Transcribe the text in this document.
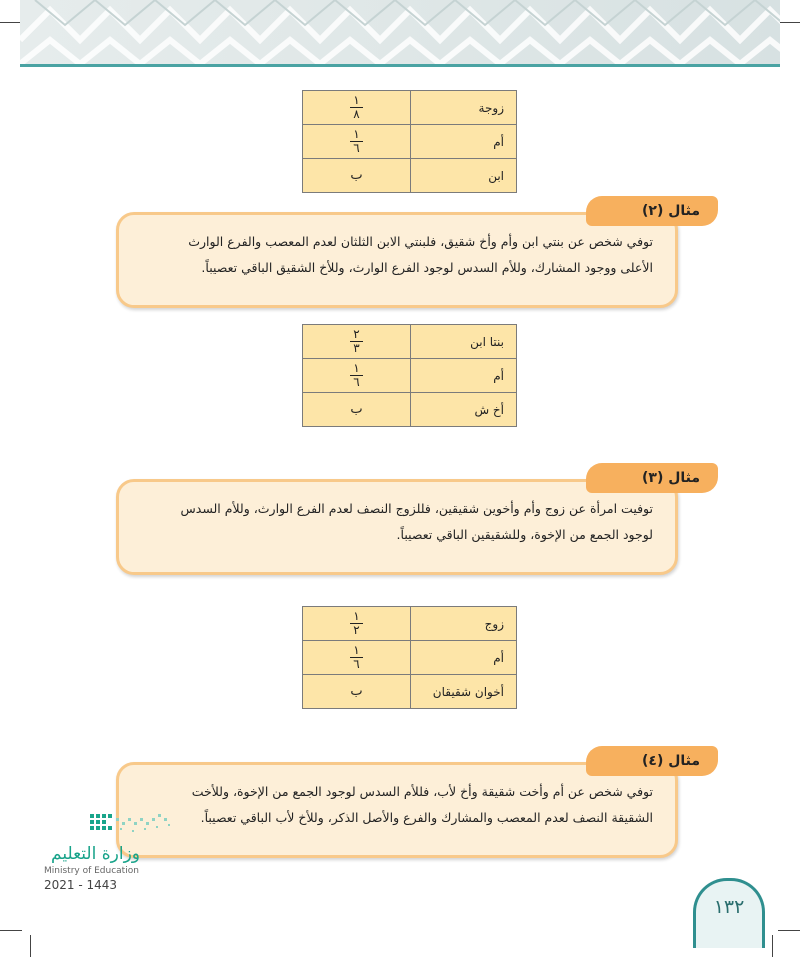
زوجة	$\frac{١}{٨}$

أم	$\frac{١}{٦}$

ابن	ب
توفي شخص عن بنتي ابن وأم وأخ شقيق، فلبنتي الابن الثلثان لعدم المعصب والفرع الوارث
الأعلى ووجود المشارك، وللأم السدس لوجود الفرع الوارث، وللأخ الشقيق الباقي تعصيباً.
مثال (٢)
بنتا ابن	$\frac{٢}{٣}$

أم	$\frac{١}{٦}$

أخ ش	ب
توفيت امرأة عن زوج وأم وأخوين شقيقين، فللزوج النصف لعدم الفرع الوارث، وللأم السدس
لوجود الجمع من الإخوة، وللشقيقين الباقي تعصيباً.
مثال (٣)
زوج	$\frac{١}{٢}$

أم	$\frac{١}{٦}$

أخوان شقيقان	ب
توفي شخص عن أم وأخت شقيقة وأخ لأب، فللأم السدس لوجود الجمع من الإخوة، وللأخت
الشقيقة النصف لعدم المعصب والمشارك والفرع والأصل الذكر، وللأخ لأب الباقي تعصيباً.
مثال (٤)
وزارة التعليم
Ministry of Education
2021 - 1443
١٣٢
